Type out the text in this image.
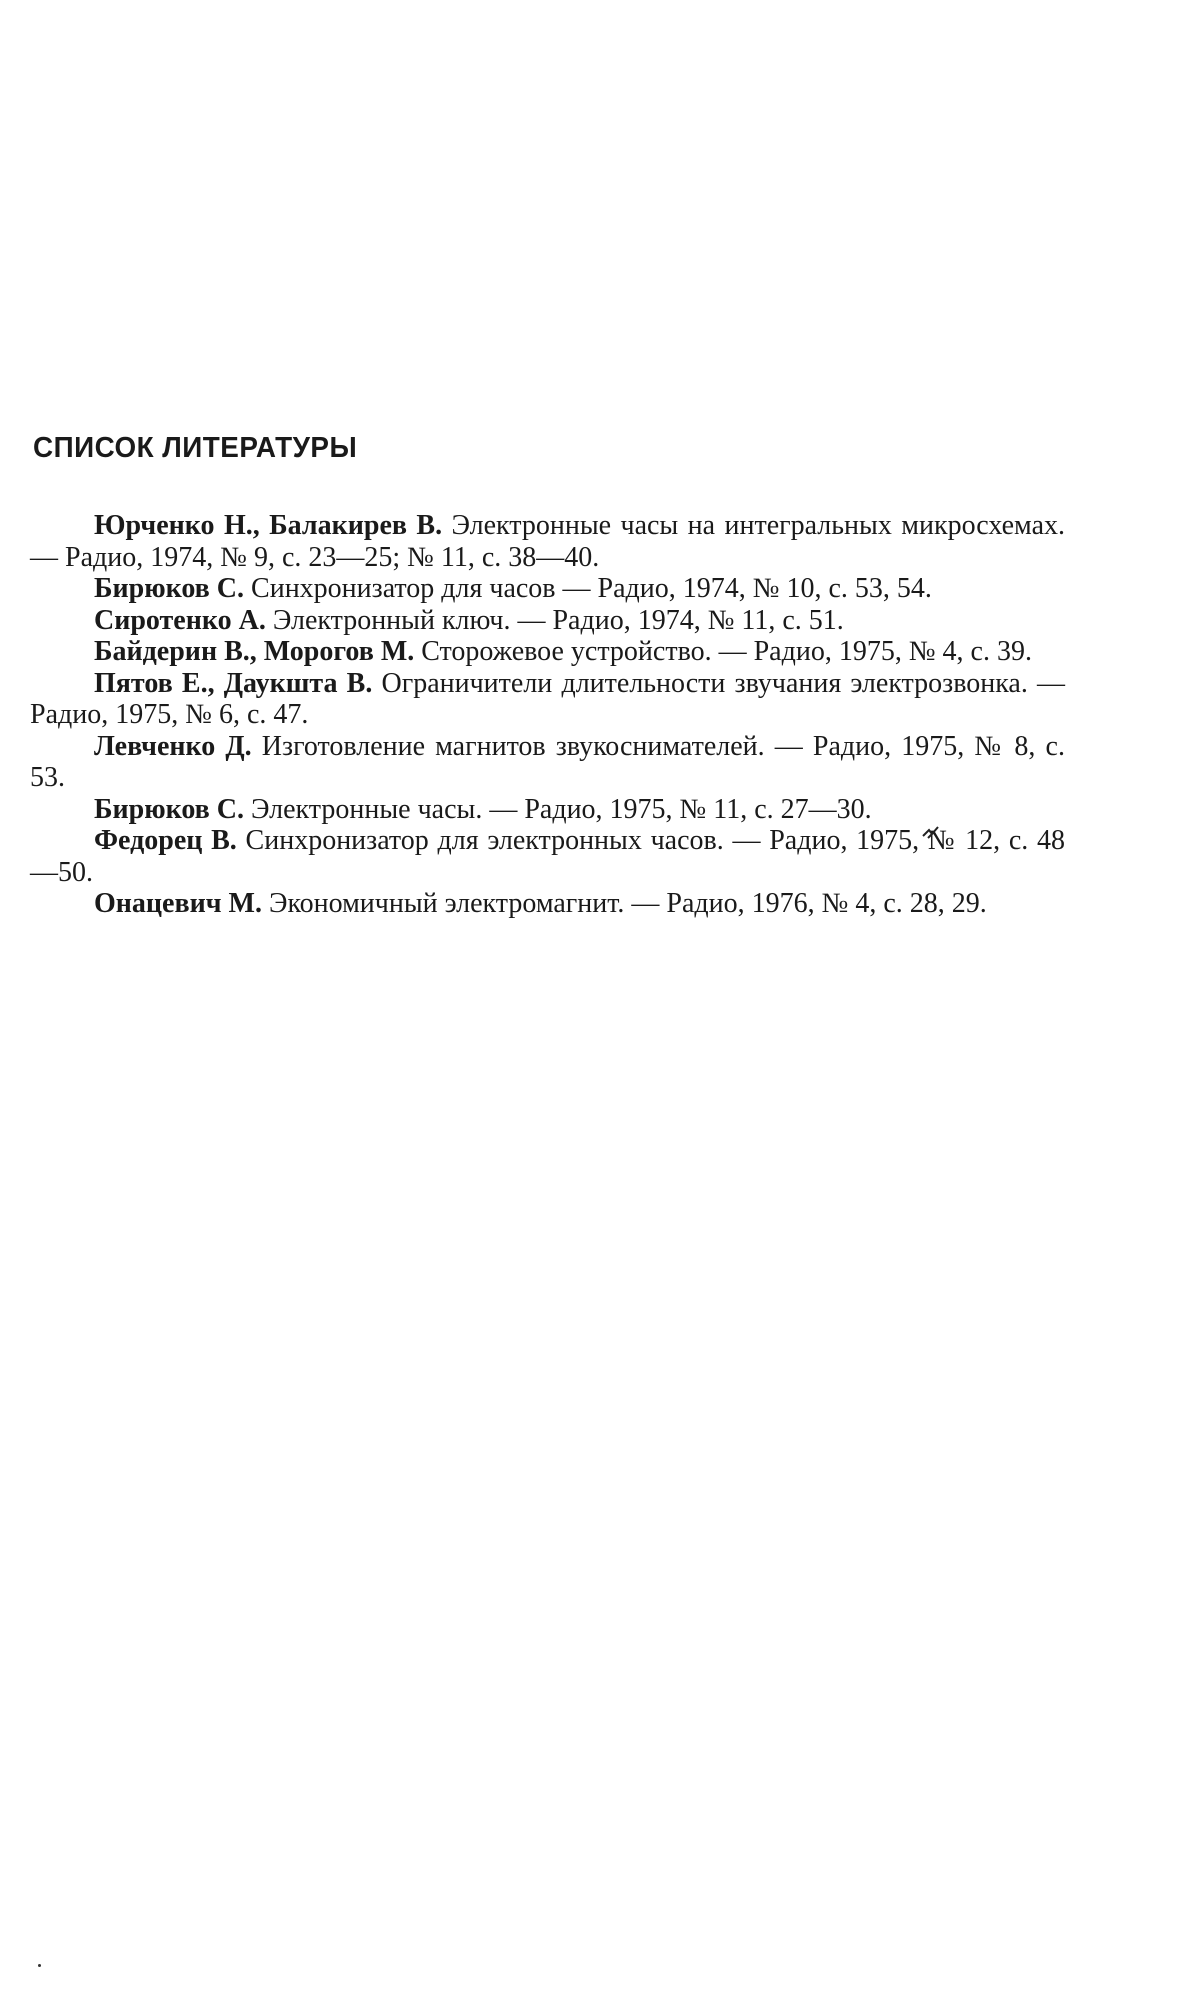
СПИСОК ЛИТЕРАТУРЫ

Юрченко Н., Балакирев В. Электронные часы на интегральных микросхемах. — Радио, 1974, № 9, с. 23—25; № 11, с. 38—40.

Бирюков С. Синхронизатор для часов — Радио, 1974, № 10, с. 53, 54.

Сиротенко А. Электронный ключ. — Радио, 1974, № 11, с. 51.

Байдерин В., Морогов М. Сторожевое устройство. — Радио, 1975, № 4, с. 39.

Пятов Е., Даукшта В. Ограничители длительности звучания электрозвонка. — Радио, 1975, № 6, с. 47.

Левченко Д. Изготовление магнитов звукоснимателей. — Радио, 1975, № 8, с. 53.

Бирюков С. Электронные часы. — Радио, 1975, № 11, с. 27—30.

Федорец В. Синхронизатор для электронных часов. — Радио, 1975, № 12, с. 48—50.

Онацевич М. Экономичный электромагнит. — Радио, 1976, № 4, с. 28, 29.
